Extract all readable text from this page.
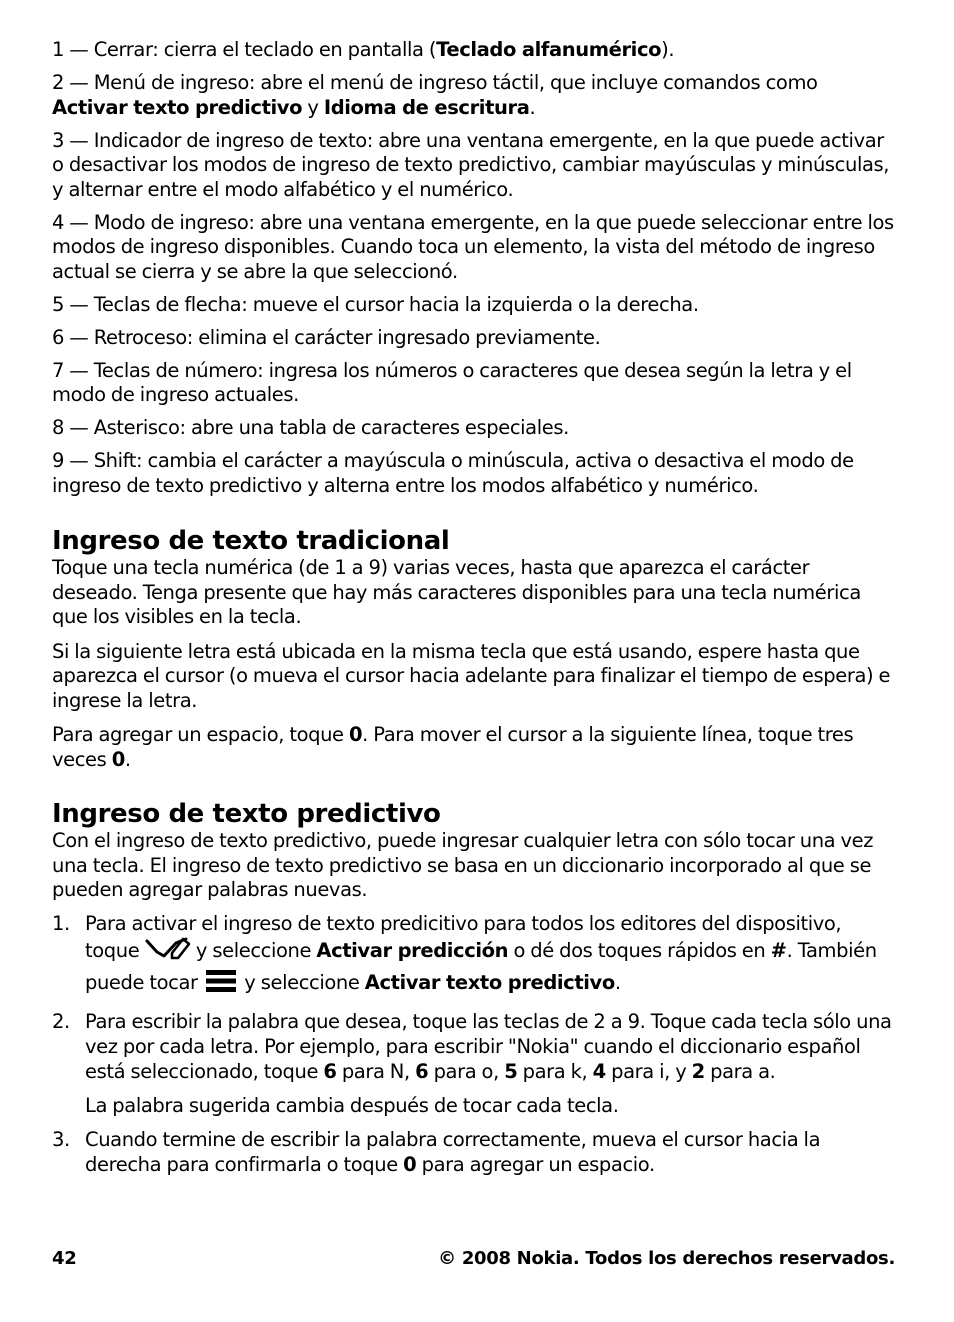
1 — Cerrar: cierra el teclado en pantalla (Teclado alfanumérico).

2 — Menú de ingreso: abre el menú de ingreso táctil, que incluye comandos como Activar texto predictivo y Idioma de escritura.

3 — Indicador de ingreso de texto: abre una ventana emergente, en la que puede activar o desactivar los modos de ingreso de texto predictivo, cambiar mayúsculas y minúsculas, y alternar entre el modo alfabético y el numérico.

4 — Modo de ingreso: abre una ventana emergente, en la que puede seleccionar entre los modos de ingreso disponibles. Cuando toca un elemento, la vista del método de ingreso actual se cierra y se abre la que seleccionó.

5 — Teclas de flecha: mueve el cursor hacia la izquierda o la derecha.

6 — Retroceso: elimina el carácter ingresado previamente.

7 — Teclas de número: ingresa los números o caracteres que desea según la letra y el modo de ingreso actuales.

8 — Asterisco: abre una tabla de caracteres especiales.

9 — Shift: cambia el carácter a mayúscula o minúscula, activa o desactiva el modo de ingreso de texto predictivo y alterna entre los modos alfabético y numérico.

Ingreso de texto tradicional

Toque una tecla numérica (de 1 a 9) varias veces, hasta que aparezca el carácter deseado. Tenga presente que hay más caracteres disponibles para una tecla numérica que los visibles en la tecla.

Si la siguiente letra está ubicada en la misma tecla que está usando, espere hasta que aparezca el cursor (o mueva el cursor hacia adelante para finalizar el tiempo de espera) e ingrese la letra.

Para agregar un espacio, toque 0. Para mover el cursor a la siguiente línea, toque tres veces 0.

Ingreso de texto predictivo

Con el ingreso de texto predictivo, puede ingresar cualquier letra con sólo tocar una vez una tecla. El ingreso de texto predictivo se basa en un diccionario incorporado al que se pueden agregar palabras nuevas.

1. Para activar el ingreso de texto predicitivo para todos los editores del dispositivo, toque  y seleccione Activar predicción o dé dos toques rápidos en #. También puede tocar  y seleccione Activar texto predictivo.
2. Para escribir la palabra que desea, toque las teclas de 2 a 9. Toque cada tecla sólo una vez por cada letra. Por ejemplo, para escribir "Nokia" cuando el diccionario español está seleccionado, toque 6 para N, 6 para o, 5 para k, 4 para i, y 2 para a.
La palabra sugerida cambia después de tocar cada tecla.
3. Cuando termine de escribir la palabra correctamente, mueva el cursor hacia la derecha para confirmarla o toque 0 para agregar un espacio.
42	© 2008 Nokia. Todos los derechos reservados.
